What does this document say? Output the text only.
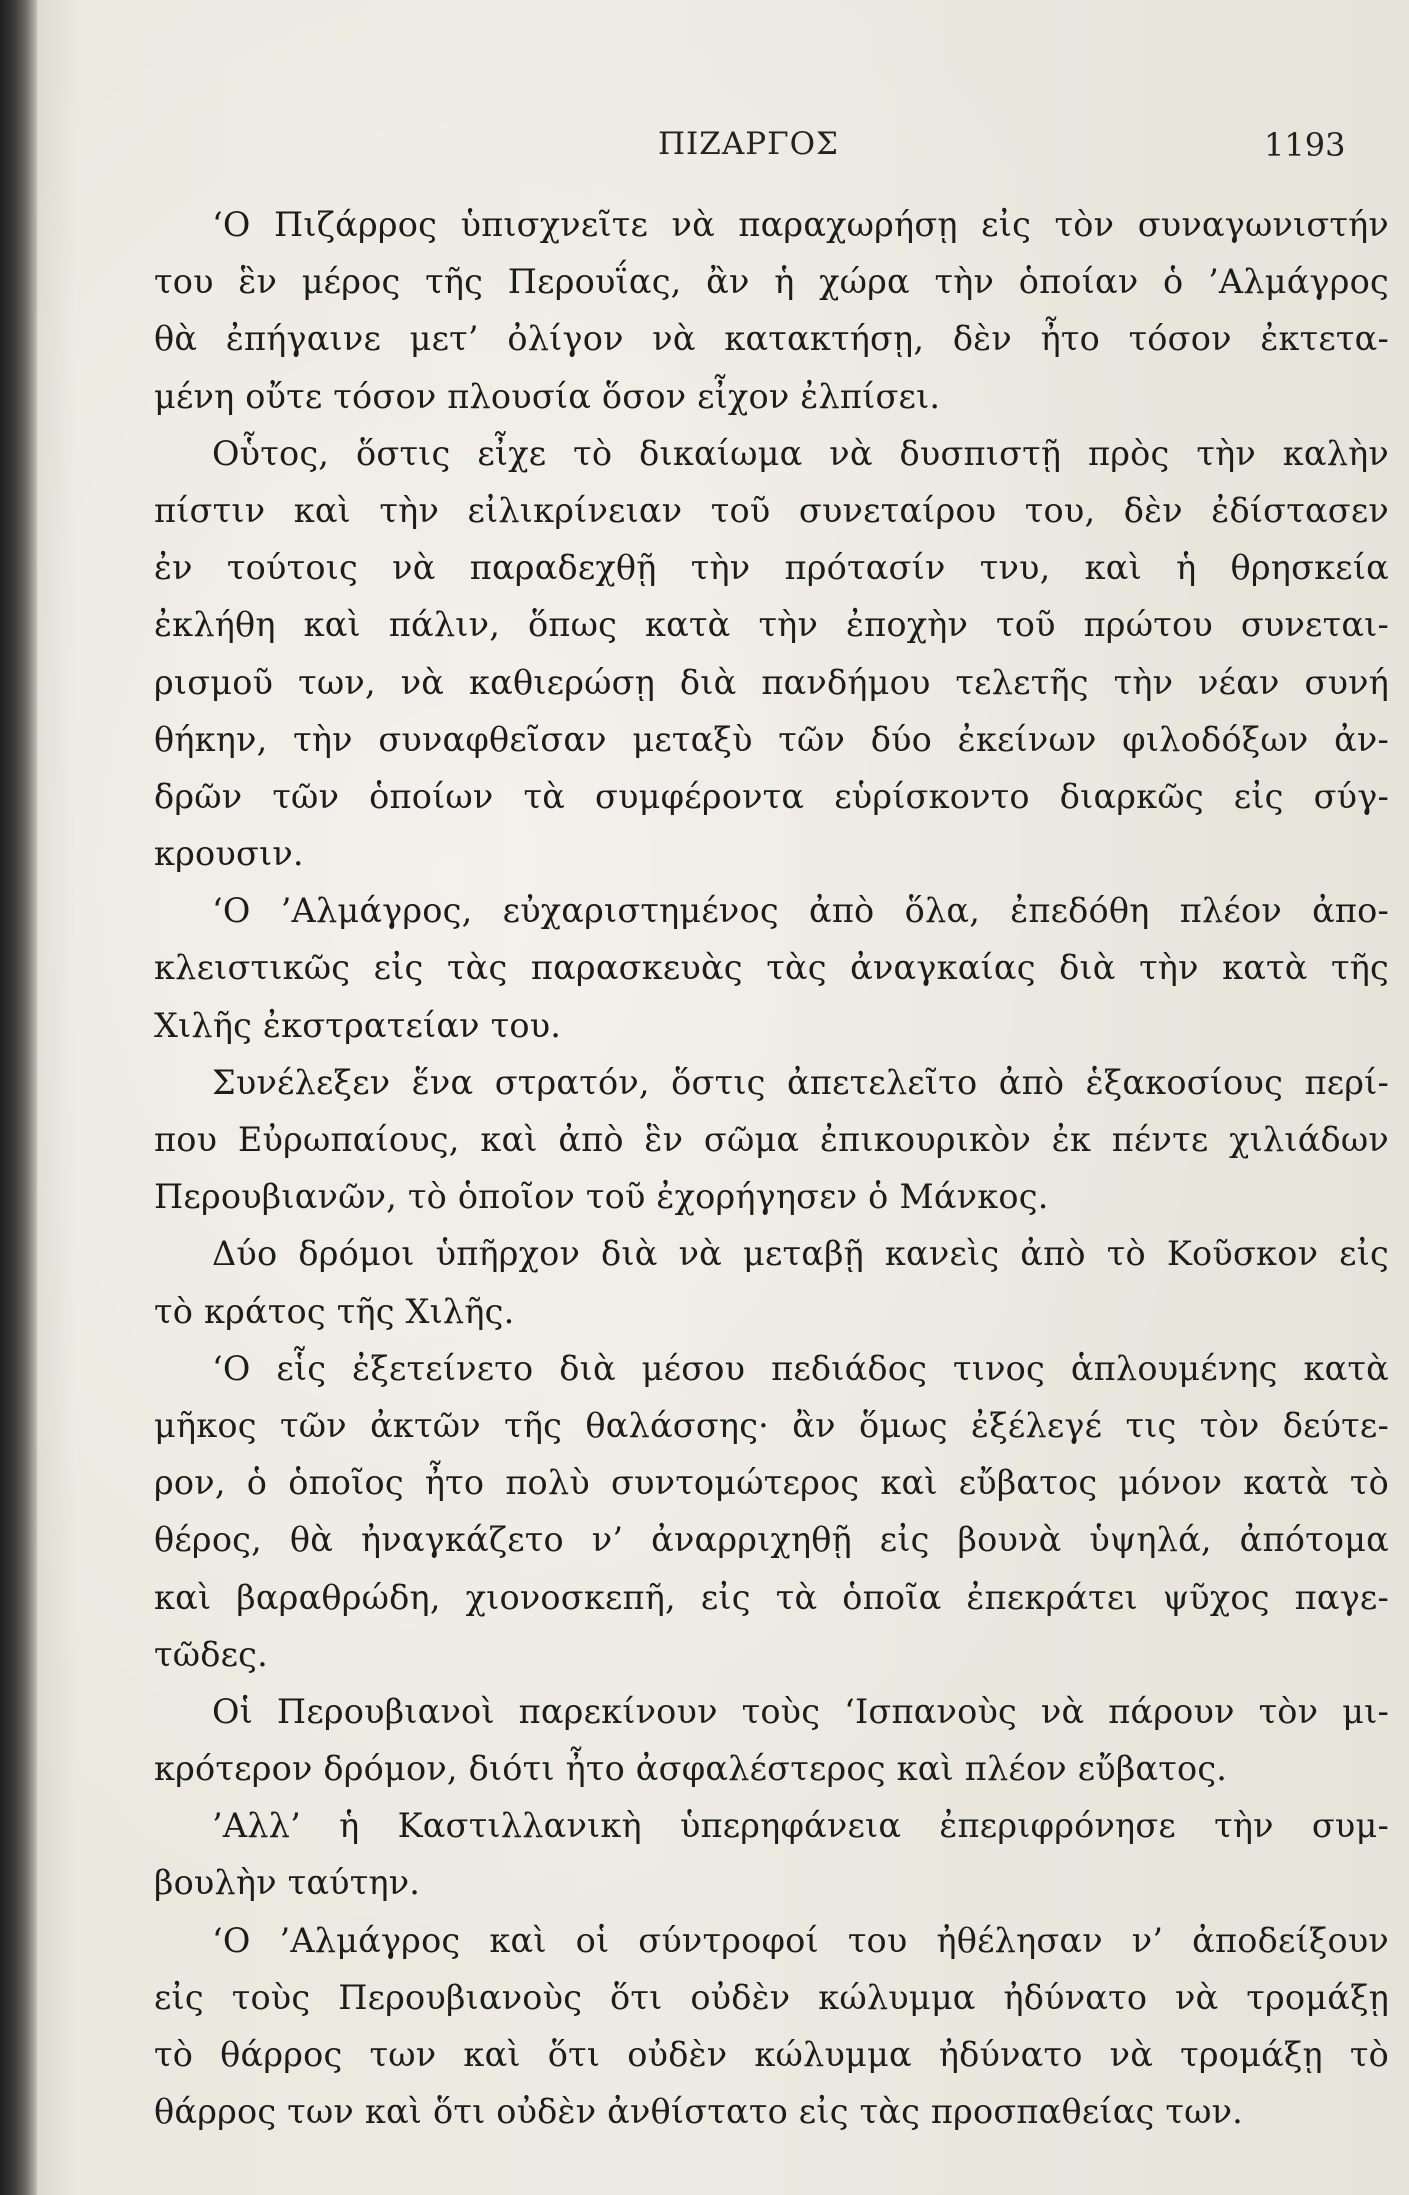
ΠΙΖΑΡΓΟΣ	1193
‘Ο Πιζάρρος ὑπισχνεῖτε νὰ παραχωρήσῃ εἰς τὸν συναγωνιστήν
του ἓν μέρος τῆς Περουΐας, ἂν ἡ χώρα τὴν ὁποίαν ὁ ’Αλμάγρος
θὰ ἐπήγαινε μετ’ ὀλίγον νὰ κατακτήσῃ, δὲν ἦτο τόσον ἐκτετα-
μένη οὔτε τόσον πλουσία ὅσον εἶχον ἐλπίσει.
Οὗτος, ὅστις εἶχε τὸ δικαίωμα νὰ δυσπιστῇ πρὸς τὴν καλὴν
πίστιν καὶ τὴν εἰλικρίνειαν τοῦ συνεταίρου του, δὲν ἐδίστασεν
ἐν τούτοις νὰ παραδεχθῇ τὴν πρότασίν τνυ, καὶ ἡ θρησκεία
ἐκλήθη καὶ πάλιν, ὅπως κατὰ τὴν ἐποχὴν τοῦ πρώτου συνεται-
ρισμοῦ των, νὰ καθιερώσῃ διὰ πανδήμου τελετῆς τὴν νέαν συνή
θήκην, τὴν συναφθεῖσαν μεταξὺ τῶν δύο ἐκείνων φιλοδόξων ἀν-
δρῶν τῶν ὁποίων τὰ συμφέροντα εὑρίσκοντο διαρκῶς εἰς σύγ-
κρουσιν.
‘Ο ’Αλμάγρος, εὐχαριστημένος ἀπὸ ὅλα, ἐπεδόθη πλέον ἀπο-
κλειστικῶς εἰς τὰς παρασκευὰς τὰς ἀναγκαίας διὰ τὴν κατὰ τῆς
Χιλῆς ἐκστρατείαν του.
Συνέλεξεν ἕνα στρατόν, ὅστις ἀπετελεῖτο ἀπὸ ἑξακοσίους περί-
που Εὐρωπαίους, καὶ ἀπὸ ἓν σῶμα ἐπικουρικὸν ἐκ πέντε χιλιάδων
Περουβιανῶν, τὸ ὁποῖον τοῦ ἐχορήγησεν ὁ Μάνκος.
Δύο δρόμοι ὑπῆρχον διὰ νὰ μεταβῇ κανεὶς ἀπὸ τὸ Κοῦσκον εἰς
τὸ κράτος τῆς Χιλῆς.
‘Ο εἷς ἐξετείνετο διὰ μέσου πεδιάδος τινος ἁπλουμένης κατὰ
μῆκος τῶν ἀκτῶν τῆς θαλάσσης· ἂν ὅμως ἐξέλεγέ τις τὸν δεύτε-
ρον, ὁ ὁποῖος ἦτο πολὺ συντομώτερος καὶ εὔβατος μόνον κατὰ τὸ
θέρος, θὰ ἠναγκάζετο ν’ ἀναρριχηθῇ εἰς βουνὰ ὑψηλά, ἀπότομα
καὶ βαραθρώδη, χιονοσκεπῆ, εἰς τὰ ὁποῖα ἐπεκράτει ψῦχος παγε-
τῶδες.
Οἱ Περουβιανοὶ παρεκίνουν τοὺς ‘Ισπανοὺς νὰ πάρουν τὸν μι-
κρότερον δρόμον, διότι ἦτο ἀσφαλέστερος καὶ πλέον εὔβατος.
’Αλλ’ ἡ Καστιλλανικὴ ὑπερηφάνεια ἐπεριφρόνησε τὴν συμ-
βουλὴν ταύτην.
‘Ο ’Αλμάγρος καὶ οἱ σύντροφοί του ἠθέλησαν ν’ ἀποδείξουν
εἰς τοὺς Περουβιανοὺς ὅτι οὐδὲν κώλυμμα ἠδύνατο νὰ τρομάξῃ
τὸ θάρρος των καὶ ὅτι οὐδὲν κώλυμμα ἠδύνατο νὰ τρομάξῃ τὸ
θάρρος των καὶ ὅτι οὐδὲν ἀνθίστατο εἰς τὰς προσπαθείας των.
